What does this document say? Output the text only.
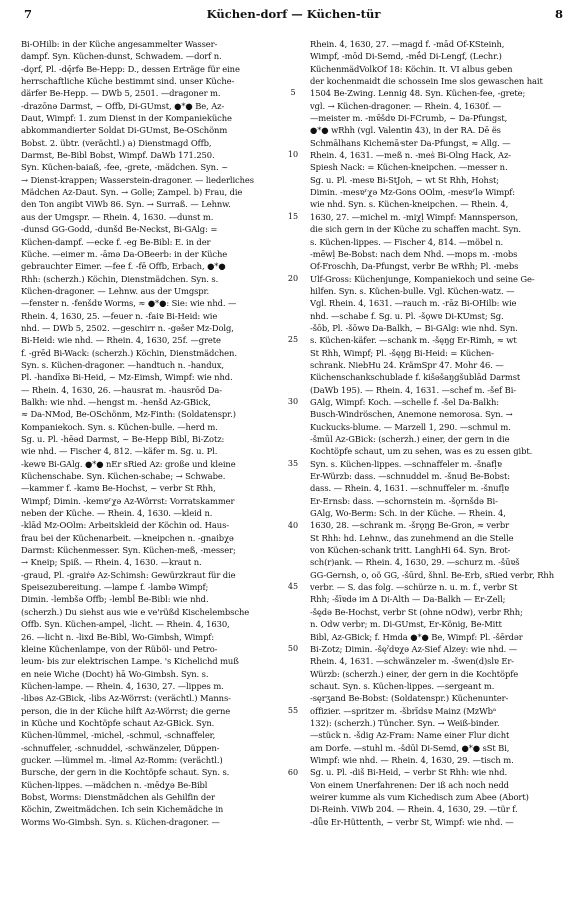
7	Küchen-dorf — Küchen-tür	8
Bi-OHilb: in der Küche angesammelter Wasser-
dampf. Syn. Küchen-dunst, Schwadem. —dorf n.
-dǫrf, Pl. -dę̄rfə Be-Hepp: D., dessen Erträge für eine
herrschaftliche Küche bestimmt sind. unser Küche-
därfer Be-Hepp. — DWb 5, 2501. —dragoner m.
-drazōnə Darmst, ~ Offb, Di-GUmst, ●*● Be, Az-
Daut, Wimpf: 1. zum Dienst in der Kompanieküche
abkommandierter Soldat Di-GUmst, Be-OSchönm
Bobst. 2. übtr. (verächtl.) a) Dienstmagd Offb,
Darmst, Be-Bibl Bobst, Wimpf. DaWb 171.250.
Syn. Küchen-baiaß, -fee, -grete, -mädchen. Syn. ~
→ Dienst-krappen; Wasserstein-dragoner. — liederliches
Mädchen Az-Daut. Syn. → Golle; Zampel. b) Frau, die
den Ton angibt ViWb 86. Syn. → Surraß. — Lehnw.
aus der Umgspr. — Rhein. 4, 1630. —dunst m.
-dunsd GG-Godd, -dunšd Be-Neckst, Bi-GAlg: =
Küchen-dampf. —ecke f. -eg Be-Bibl: E. in der
Küche. —eimer m. -āmə Da-OBeerb: in der Küche
gebrauchter Eimer. —fee f. -fē Offb, Erbach, ●*●
Rhh: (scherzh.) Köchin, Dienstmädchen. Syn. s.
Küchen-dragoner. — Lehnw. aus der Umgspr.
—fenster n. -fenšdɐ Worms, ≈ ●*●: Sie: wie nhd. —
Rhein. 4, 1630, 25. —feuer n. -faiɐ Bi-Heid: wie
nhd. — DWb 5, 2502. —geschirr n. -gəšer Mz-Dolg,
Bi-Heid: wie nhd. — Rhein. 4, 1630, 25f. —grete
f. -grēd Bi-Wack: (scherzh.) Köchin, Dienstmädchen.
Syn. s. Küchen-dragoner. —handtuch n. -handux,
Pl. -handīxə Bi-Heid, ~ Mz-Eimsh, Wimpf: wie nhd.
— Rhein. 4, 1630, 26. —hausrat m. -hausrōd Da-
Balkh: wie nhd. —hengst m. -henšd Az-GBick,
≈ Da-NMod, Be-OSchönm, Mz-Finth: (Soldatenspr.)
Kompaniekoch. Syn. s. Küchen-bulle. —herd m.
Sg. u. Pl. -hēəd Darmst, ~ Be-Hepp Bibl, Bi-Zotz:
wie nhd. — Fischer 4, 812. —käfer m. Sg. u. Pl.
-kewɐ Bi-GAlg. ●*● nEr sRied Az: große und kleine
Küchenschabe. Syn. Küchen-schabe; → Schwabe.
—kammer f. -kamɐ Be-Hochst, ~ verbr St Rhh,
Wimpf; Dimin. -kemɐʳχə Az-Wörrst: Vorratskammer
neben der Küche. — Rhein. 4, 1630. —kleid n.
-klād Mz-OOlm: Arbeitskleid der Köchin od. Haus-
frau bei der Küchenarbeit. —kneipchen n. -gnaibχə
Darmst: Küchenmesser. Syn. Küchen-meß, -messer;
→ Kneip; Spiß. — Rhein. 4, 1630. —kraut n.
-graud, Pl. -graiṙə Az-Schimsh: Gewürzkraut für die
Speisezubereitung. —lampe f. -lambə Wimpf;
Dimin. -lembšə Offb; -lembĺ Be-Bibl: wie nhd.
(scherzh.) Du siehst aus wie e ve'rüßd Kischelembsche
Offb. Syn. Küchen-ampel, -licht. — Rhein. 4, 1630,
26. —licht n. -lixd Be-Bibl, Wo-Gimbsh, Wimpf:
kleine Küchenlampe, von der Rüböl- und Petro-
leum- bis zur elektrischen Lampe. 's Kichelichd muß
en neie Wiche (Docht) hā Wo-Gimbsh. Syn. s.
Küchen-lampe. — Rhein. 4, 1630, 27. —lippes m.
-libəs Az-GBick, -libs Az-Wörrst: (verächtl.) Manns-
person, die in der Küche hilft Az-Wörrst; die gerne
in Küche und Kochtöpfe schaut Az-GBick. Syn.
Küchen-lümmel, -michel, -schmul, -schnaffeler,
-schnuffeler, -schnuddel, -schwänzeler, Düppen-
gucker. —lümmel m. -liməl Az-Romm: (verächtl.)
Bursche, der gern in die Kochtöpfe schaut. Syn. s.
Küchen-lippes. —mädchen n. -mēdχə Be-Bibl
Bobst, Worms: Dienstmädchen als Gehilfin der
Köchin, Zweitmädchen. Ich sein Kichemädche in
Worms Wo-Gimbsh. Syn. s. Küchen-dragoner. —
5
10
15
20
25
30
35
40
45
50
55
60
Rhein. 4, 1630, 27. —magd f. -mād Of-KSteinh,
Wimpf, -mōd Di-Semd, -mḗd Di-Lengf, (Lechr.)
KüchenmädVolkOf 18: Köchin. It. VI albus geben
der kochenmaidt die schossein Ime slos gewaschen hait
1504 Be-Zwing. Lennig 48. Syn. Küchen-fee, -grete;
vgl. → Küchen-dragoner. — Rhein. 4, 1630f. —
—meister m. -mɐ̄šdɐ Di-FCrumb, ~ Da-Pfungst,
●*● wRhh (vgl. Valentin 43), in der RA. Dē ës
Schmālhans Kichemā ͤster Da-Pfungst, ≈ Allg. —
Rhein. 4, 1631. —meß n. -meṡ Bi-Olng Hack, Az-
Spiesh Nack: = Küchen-kneipchen. —messer n.
Sg. u. Pl. -mesɐ Bi-StJoh, ~ wt St Rhh, Hohst;
Dimin. -mesɐʳχə Mz-Gons OOlm, -mesɐʳlə Wimpf:
wie nhd. Syn. s. Küchen-kneipchen. — Rhein. 4,
1630, 27. —michel m. -miχḷ Wimpf: Mannsperson,
die sich gern in der Küche zu schaffen macht. Syn.
s. Küchen-lippes. — Fischer 4, 814. —möbel n.
-mēwḷ Be-Bobst: nach dem Nhd. —mops m. -mobs
Of-Froschh, Da-Pfungst, verbr Be wRhh; Pl. -mebs
Ulf-Gross: Küchenjunge, Kompaniekoch und seine Ge-
hilfen. Syn. s. Küchen-bulle. Vgl. Küchen-watz. —
Vgl. Rhein. 4, 1631. —rauch m. -rāz Bi-OHilb: wie
nhd. —schabe f. Sg. u. Pl. -šǫwɐ Di-KUmst; Sg.
-šōb, Pl. -šōwɐ Da-Balkh, ~ Bi-GAlg: wie nhd. Syn.
s. Küchen-käfer. —schank m. -šęŋg Er-Rimh, ≈ wt
St Rhh, Wimpf; Pl. -šęŋg Bi-Heid: = Küchen-
schrank. NiebHu 24. KrämSpr 47. Mohr 46. —
Küchenschankschublade f. kišəšaŋgšublād Darmst
(DaWb 195). — Rhein. 4, 1631. —schef m. -šef Bi-
GAlg, Wimpf: Koch. —schelle f. -šel Da-Balkh:
Busch-Windröschen, Anemone nemorosa. Syn. →
Kuckucks-blume. — Marzell 1, 290. —schmul m.
-šmūl Az-GBick: (scherzh.) einer, der gern in die
Kochtöpfe schaut, um zu sehen, was es zu essen gibt.
Syn. s. Küchen-lippes. —schnaffeler m. -šnafḷɐ
Er-Würzb: dass. —schnuddel m. -šnuḍ Be-Bobst:
dass. — Rhein. 4, 1631. —schnuffeler m. -šnufḷɐ
Er-Ernsb: dass. —schornstein m. -šǫrnšdə Bi-
GAlg, Wo-Berm: Sch. in der Küche. — Rhein. 4,
1630, 28. —schrank m. -šrǫŋg Be-Gron, ≈ verbr
St Rhh: hd. Lehnw., das zunehmend an die Stelle
von Küchen-schank tritt. LanghHi 64. Syn. Brot-
sch(r)ank. — Rhein. 4, 1630, 29. —schurz m. -šūɐš
GG-Gernsh, o, oö GG, -šūrd, šhnl. Be-Erb, sRied verbr, Rhh
verbr. — S. das folg. —schürze n. u. m. f., verbr St
Rhh; -šīɐdə im ∆ Di-Alth — Da-Balkh — Er-Zell;
-šędə Be-Hochst, verbr St (ohne nOdw), verbr Rhh;
n. Odw verbr; m. Di-GUmst, Er-König, Be-Mitt
Bibl, Az-GBick; f. Hmda ●*● Be, Wimpf: Pl. -šērdər
Bi-Zotz; Dimin. -šęˀdɐχə Az-Sief Alzey: wie nhd. —
Rhein. 4, 1631. —schwänzeler m. -šwen(d)slɐ Er-
Würzb: (scherzh.) einer, der gern in die Kochtöpfe
schaut. Syn. s. Küchen-lippes. —sergeant m.
-sęrʒand Be-Bobst: (Soldatenspr.) Küchenunter-
offizier. —spritzer m. -šbrīdsɐ Mainz (MzWbᵃ
132): (scherzh.) Tüncher. Syn. → Weiß-binder.
—stück n. -šdig Az-Fram: Name einer Flur dicht
am Dorfe. —stuhl m. -šdūl Di-Semd, ●*● sSt Bi,
Wimpf: wie nhd. — Rhein. 4, 1630, 29. —tisch m.
Sg. u. Pl. -diš Bi-Heid, ~ verbr St Rhh: wie nhd.
Von einem Unerfahrenen: Der iß ach noch nedd
weirer kumme als vum Kichedisch zum Abee (Abort)
Di-Reinh. ViWb 204. — Rhein. 4, 1630, 29. —tür f.
-dǖɐ Er-Hüttenth, ~ verbr St, Wimpf: wie nhd. —
